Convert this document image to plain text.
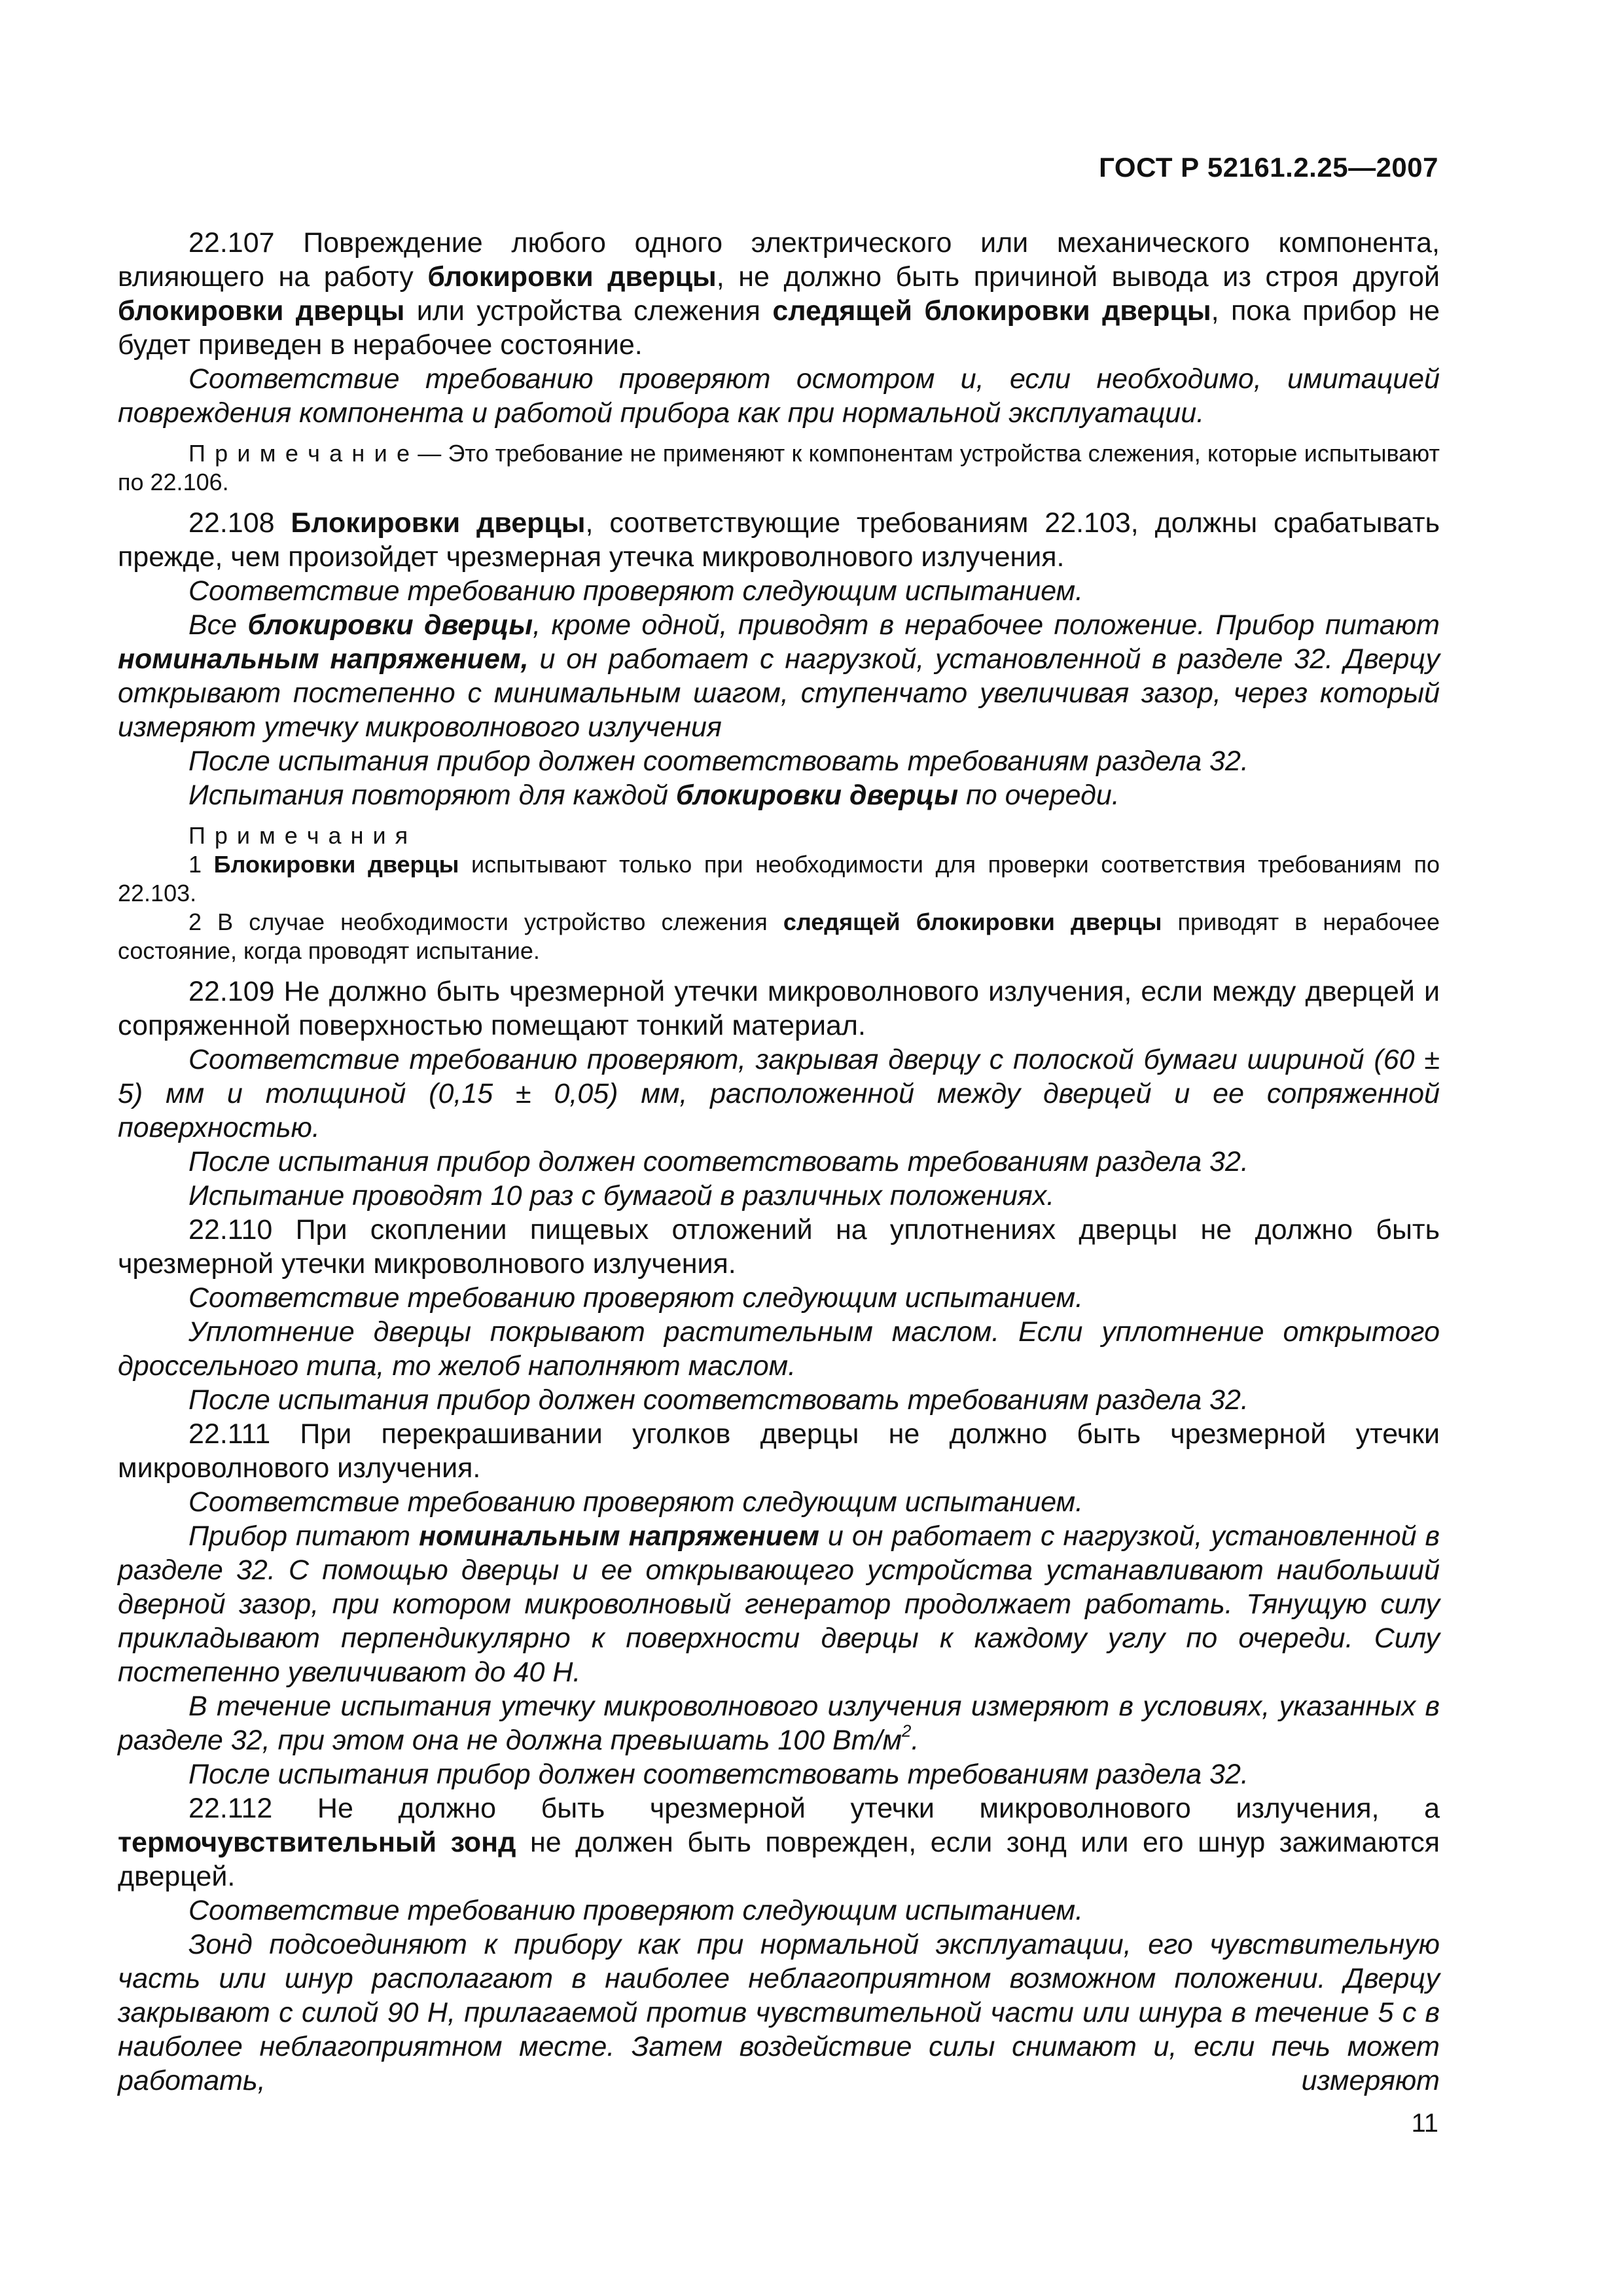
ГОСТ Р 52161.2.25—2007

22.107 Повреждение любого одного электрического или механического компонента, влияющего на работу блокировки дверцы, не должно быть причиной вывода из строя другой блокировки дверцы или устройства слежения следящей блокировки дверцы, пока прибор не будет приведен в нерабочее состояние.

Соответствие требованию проверяют осмотром и, если необходимо, имитацией повреждения компонента и работой прибора как при нормальной эксплуатации.

П р и м е ч а н и е — Это требование не применяют к компонентам устройства слежения, которые испытывают по 22.106.

22.108 Блокировки дверцы, соответствующие требованиям 22.103, должны срабатывать прежде, чем произойдет чрезмерная утечка микроволнового излучения.

Соответствие требованию проверяют следующим испытанием.

Все блокировки дверцы, кроме одной, приводят в нерабочее положение. Прибор питают номинальным напряжением, и он работает с нагрузкой, установленной в разделе 32. Дверцу открывают постепенно с минимальным шагом, ступенчато увеличивая зазор, через который измеряют утечку микроволнового излучения

После испытания прибор должен соответствовать требованиям раздела 32.

Испытания повторяют для каждой блокировки дверцы по очереди.

П р и м е ч а н и я

1 Блокировки дверцы испытывают только при необходимости для проверки соответствия требованиям по 22.103.

2 В случае необходимости устройство слежения следящей блокировки дверцы приводят в нерабочее состояние, когда проводят испытание.

22.109 Не должно быть чрезмерной утечки микроволнового излучения, если между дверцей и сопряженной поверхностью помещают тонкий материал.

Соответствие требованию проверяют, закрывая дверцу с полоской бумаги шириной (60 ± 5) мм и толщиной (0,15 ± 0,05) мм, расположенной между дверцей и ее сопряженной поверхностью.

После испытания прибор должен соответствовать требованиям раздела 32.

Испытание проводят 10 раз с бумагой в различных положениях.

22.110 При скоплении пищевых отложений на уплотнениях дверцы не должно быть чрезмерной утечки микроволнового излучения.

Соответствие требованию проверяют следующим испытанием.

Уплотнение дверцы покрывают растительным маслом. Если уплотнение открытого дроссельного типа, то желоб наполняют маслом.

После испытания прибор должен соответствовать требованиям раздела 32.

22.111 При перекрашивании уголков дверцы не должно быть чрезмерной утечки микроволнового излучения.

Соответствие требованию проверяют следующим испытанием.

Прибор питают номинальным напряжением и он работает с нагрузкой, установленной в разделе 32. С помощью дверцы и ее открывающего устройства устанавливают наибольший дверной зазор, при котором микроволновый генератор продолжает работать. Тянущую силу прикладывают перпендикулярно к поверхности дверцы к каждому углу по очереди. Силу постепенно увеличивают до 40 Н.

В течение испытания утечку микроволнового излучения измеряют в условиях, указанных в разделе 32, при этом она не должна превышать 100 $Вт/м^2$.

После испытания прибор должен соответствовать требованиям раздела 32.

22.112 Не должно быть чрезмерной утечки микроволнового излучения, а термочувствительный зонд не должен быть поврежден, если зонд или его шнур зажимаются дверцей.

Соответствие требованию проверяют следующим испытанием.

Зонд подсоединяют к прибору как при нормальной эксплуатации, его чувствительную часть или шнур располагают в наиболее неблагоприятном возможном положении. Дверцу закрывают с силой 90 Н, прилагаемой против чувствительной части или шнура в течение 5 с в наиболее неблагоприятном месте. Затем воздействие силы снимают и, если печь может работать, измеряют

11
